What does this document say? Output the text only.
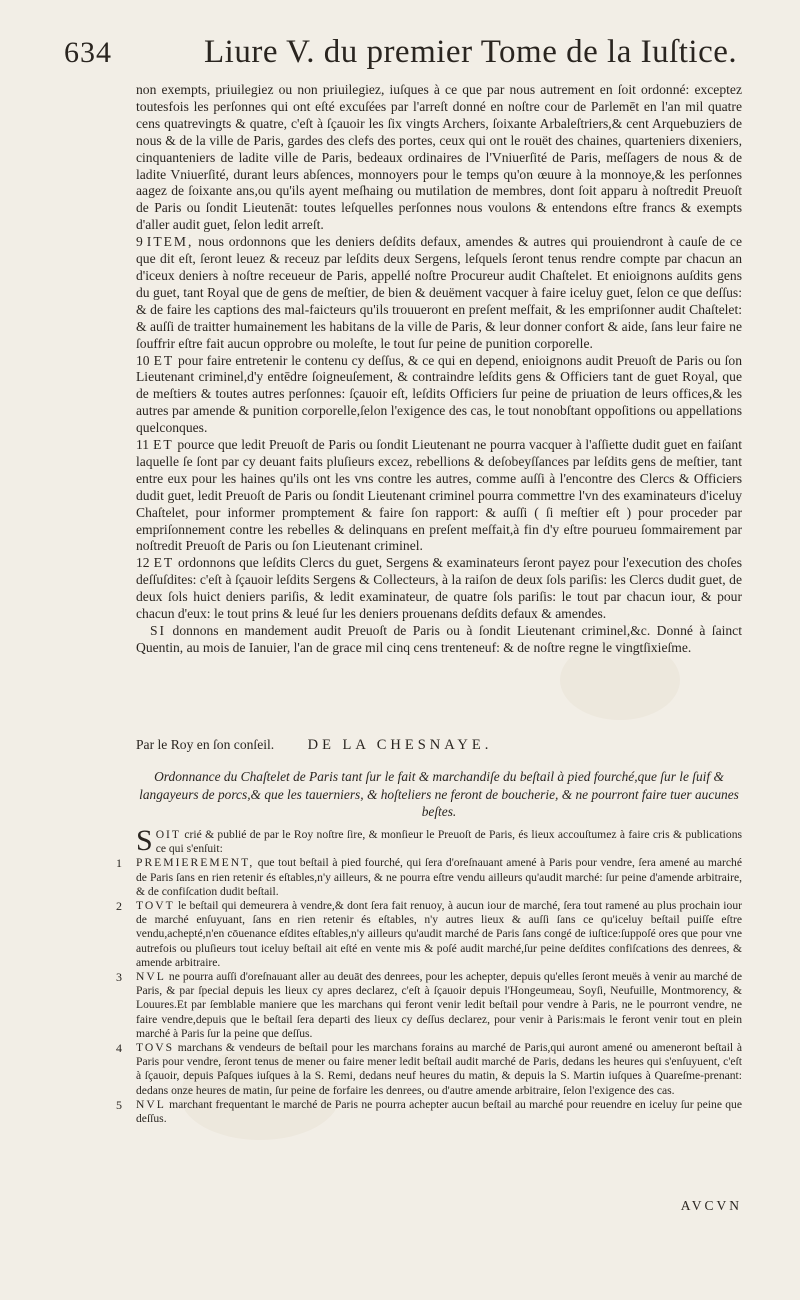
634	Liure V. du premier Tome de la Iuſtice.

non exempts, priuilegiez ou non priuilegiez, iuſques à ce que par nous autrement en ſoit ordonné: exceptez toutesfois les perſonnes qui ont eſté excuſées par l'arreſt donné en noſtre cour de Parlemēt en l'an mil quatre cens quatrevingts & quatre, c'eſt à ſçauoir les ſix vingts Archers, ſoixante Arbaleſtriers,& cent Arquebuziers de nous & de la ville de Paris, gardes des clefs des portes, ceux qui ont le rouët des chaines, quarteniers dixeniers, cinquanteniers de ladite ville de Paris, bedeaux ordinaires de l'Vniuerſité de Paris, meſſagers de nous & de ladite Vniuerſité, durant leurs abſences, monnoyers pour le temps qu'on œuure à la monnoye,& les perſonnes aagez de ſoixante ans,ou qu'ils ayent meſhaing ou mutilation de membres, dont ſoit apparu à noſtredit Preuoſt de Paris ou ſondit Lieutenāt: toutes leſquelles perſonnes nous voulons & entendons eſtre francs & exempts d'aller audit guet, ſelon ledit arreſt.

9 ITEM, nous ordonnons que les deniers deſdits defaux, amendes & autres qui prouiendront à cauſe de ce que dit eſt, ſeront leuez & receuz par leſdits deux Sergens, leſquels ſeront tenus rendre compte par chacun an d'iceux deniers à noſtre receueur de Paris, appellé noſtre Procureur audit Chaſtelet. Et enioignons auſdits gens du guet, tant Royal que de gens de meſtier, de bien & deuëment vacquer à faire iceluy guet, ſelon ce que deſſus: & de faire les captions des mal-faicteurs qu'ils trouueront en preſent meſfait, & les empriſonner audit Chaſtelet: & auſſi de traitter humainement les habitans de la ville de Paris, & leur donner confort & aide, ſans leur faire ne ſouffrir eſtre fait aucun opprobre ou moleſte, le tout ſur peine de punition corporelle.

10 ET pour faire entretenir le contenu cy deſſus, & ce qui en depend, enioignons audit Preuoſt de Paris ou ſon Lieutenant criminel,d'y entēdre ſoigneuſement, & contraindre leſdits gens & Officiers tant de guet Royal, que de meſtiers & toutes autres perſonnes: ſçauoir eſt, leſdits Officiers ſur peine de priuation de leurs offices,& les autres par amende & punition corporelle,ſelon l'exigence des cas, le tout nonobſtant oppoſitions ou appellations quelconques.

11 ET pource que ledit Preuoſt de Paris ou ſondit Lieutenant ne pourra vacquer à l'aſſiette dudit guet en faiſant laquelle ſe ſont par cy deuant faits pluſieurs excez, rebellions & deſobeyſſances par leſdits gens de meſtier, tant entre eux pour les haines qu'ils ont les vns contre les autres, comme auſſi à l'encontre des Clercs & Officiers dudit guet, ledit Preuoſt de Paris ou ſondit Lieutenant criminel pourra commettre l'vn des examinateurs d'iceluy Chaſtelet, pour informer promptement & faire ſon rapport: & auſſi ( ſi meſtier eſt ) pour proceder par empriſonnement contre les rebelles & delinquans en preſent meſfait,à fin d'y eſtre pourueu ſommairement par noſtredit Preuoſt de Paris ou ſon Lieutenant criminel.

12 ET ordonnons que leſdits Clercs du guet, Sergens & examinateurs ſeront payez pour l'execution des choſes deſſuſdites: c'eſt à ſçauoir leſdits Sergens & Collecteurs, à la raiſon de deux ſols pariſis: les Clercs dudit guet, de deux ſols huict deniers pariſis, & ledit examinateur, de quatre ſols pariſis: le tout par chacun iour, & pour chacun d'eux: le tout prins & leué ſur les deniers prouenans deſdits defaux & amendes.

SI donnons en mandement audit Preuoſt de Paris ou à ſondit Lieutenant criminel,&c. Donné à ſainct Quentin, au mois de Ianuier, l'an de grace mil cinq cens trenteneuf: & de noſtre regne le vingtſixieſme.

Par le Roy en ſon conſeil. DE LA CHESNAYE.
Ordonnance du Chaſtelet de Paris tant ſur le fait & marchandiſe du beſtail à pied fourché,que ſur le ſuif & langayeurs de porcs,& que les tauerniers, & hoſteliers ne feront de boucherie, & ne pourront faire tuer aucunes beſtes.

SOIT crié & publié de par le Roy noſtre ſire, & monſieur le Preuoſt de Paris, és lieux accouſtumez à faire cris & publications ce qui s'enſuit:

1 PREMIEREMENT, que tout beſtail à pied fourché, qui ſera d'oreſnauant amené à Paris pour vendre, ſera amené au marché de Paris ſans en rien retenir és eſtables,n'y ailleurs, & ne pourra eſtre vendu ailleurs qu'audit marché: ſur peine d'amende arbitraire, & de confiſcation dudit beſtail.

2 TOVT le beſtail qui demeurera à vendre,& dont ſera fait renuoy, à aucun iour de marché, ſera tout ramené au plus prochain iour de marché enſuyuant, ſans en rien retenir és eſtables, n'y autres lieux & auſſi ſans ce qu'iceluy beſtail puiſſe eſtre vendu,achepté,n'en cōuenance eſdites eſtables,n'y ailleurs qu'audit marché de Paris ſans congé de iuſtice:ſuppoſé ores que pour vne autrefois ou pluſieurs tout iceluy beſtail ait eſté en vente mis & poſé audit marché,ſur peine deſdites confiſcations des denrees, & amende arbitraire.

3 NVL ne pourra auſſi d'oreſnauant aller au deuāt des denrees, pour les achepter, depuis qu'elles ſeront meuës à venir au marché de Paris, & par ſpecial depuis les lieux cy apres declarez, c'eſt à ſçauoir depuis l'Hongeumeau, Soyſi, Neufuille, Montmorency, & Louures.Et par ſemblable maniere que les marchans qui feront venir ledit beſtail pour vendre à Paris, ne le pourront vendre, ne faire vendre,depuis que le beſtail ſera departi des lieux cy deſſus declarez, pour venir à Paris:mais le feront venir tout en plein marché à Paris ſur la peine que deſſus.

4 TOVS marchans & vendeurs de beſtail pour les marchans forains au marché de Paris,qui auront amené ou ameneront beſtail à Paris pour vendre, ſeront tenus de mener ou faire mener ledit beſtail audit marché de Paris, dedans les heures qui s'enſuyuent, c'eſt à ſçauoir, depuis Paſques iuſques à la S. Remi, dedans neuf heures du matin, & depuis la S. Martin iuſques à Quareſme-prenant: dedans onze heures de matin, ſur peine de forfaire les denrees, ou d'autre amende arbitraire, ſelon l'exigence des cas.

5 NVL marchant frequentant le marché de Paris ne pourra achepter aucun beſtail au marché pour reuendre en iceluy ſur peine que deſſus.

AVCVN
